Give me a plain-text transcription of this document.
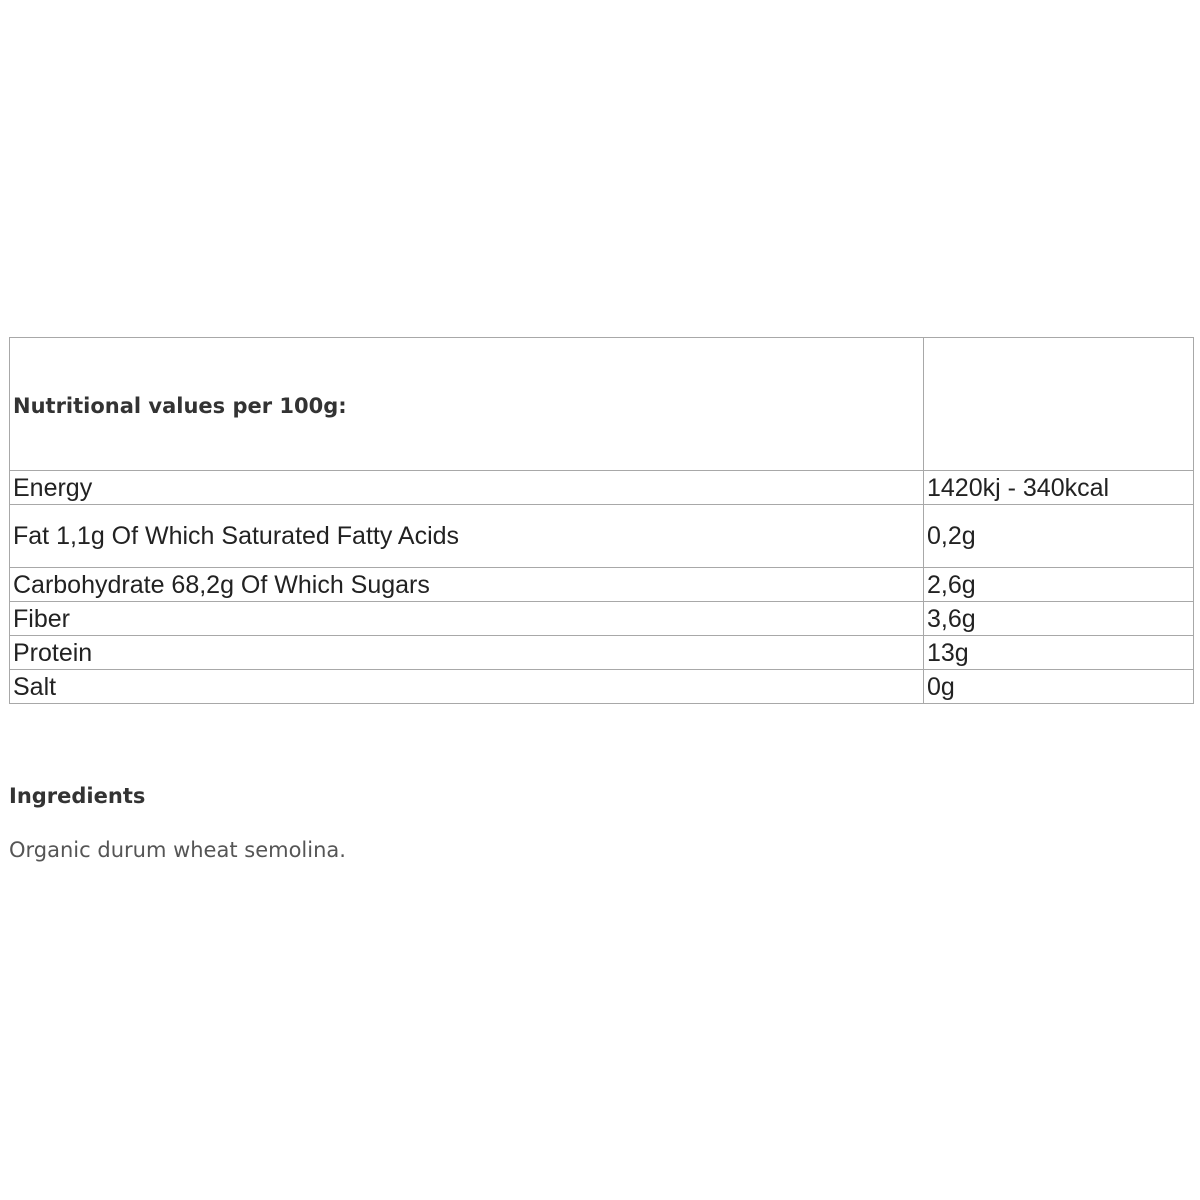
Nutritional values per 100g:	
Energy	1420kj - 340kcal
Fat 1,1g Of Which Saturated Fatty Acids	0,2g
Carbohydrate 68,2g Of Which Sugars	2,6g
Fiber	3,6g
Protein	13g
Salt	0g
Ingredients

Organic durum wheat semolina.
